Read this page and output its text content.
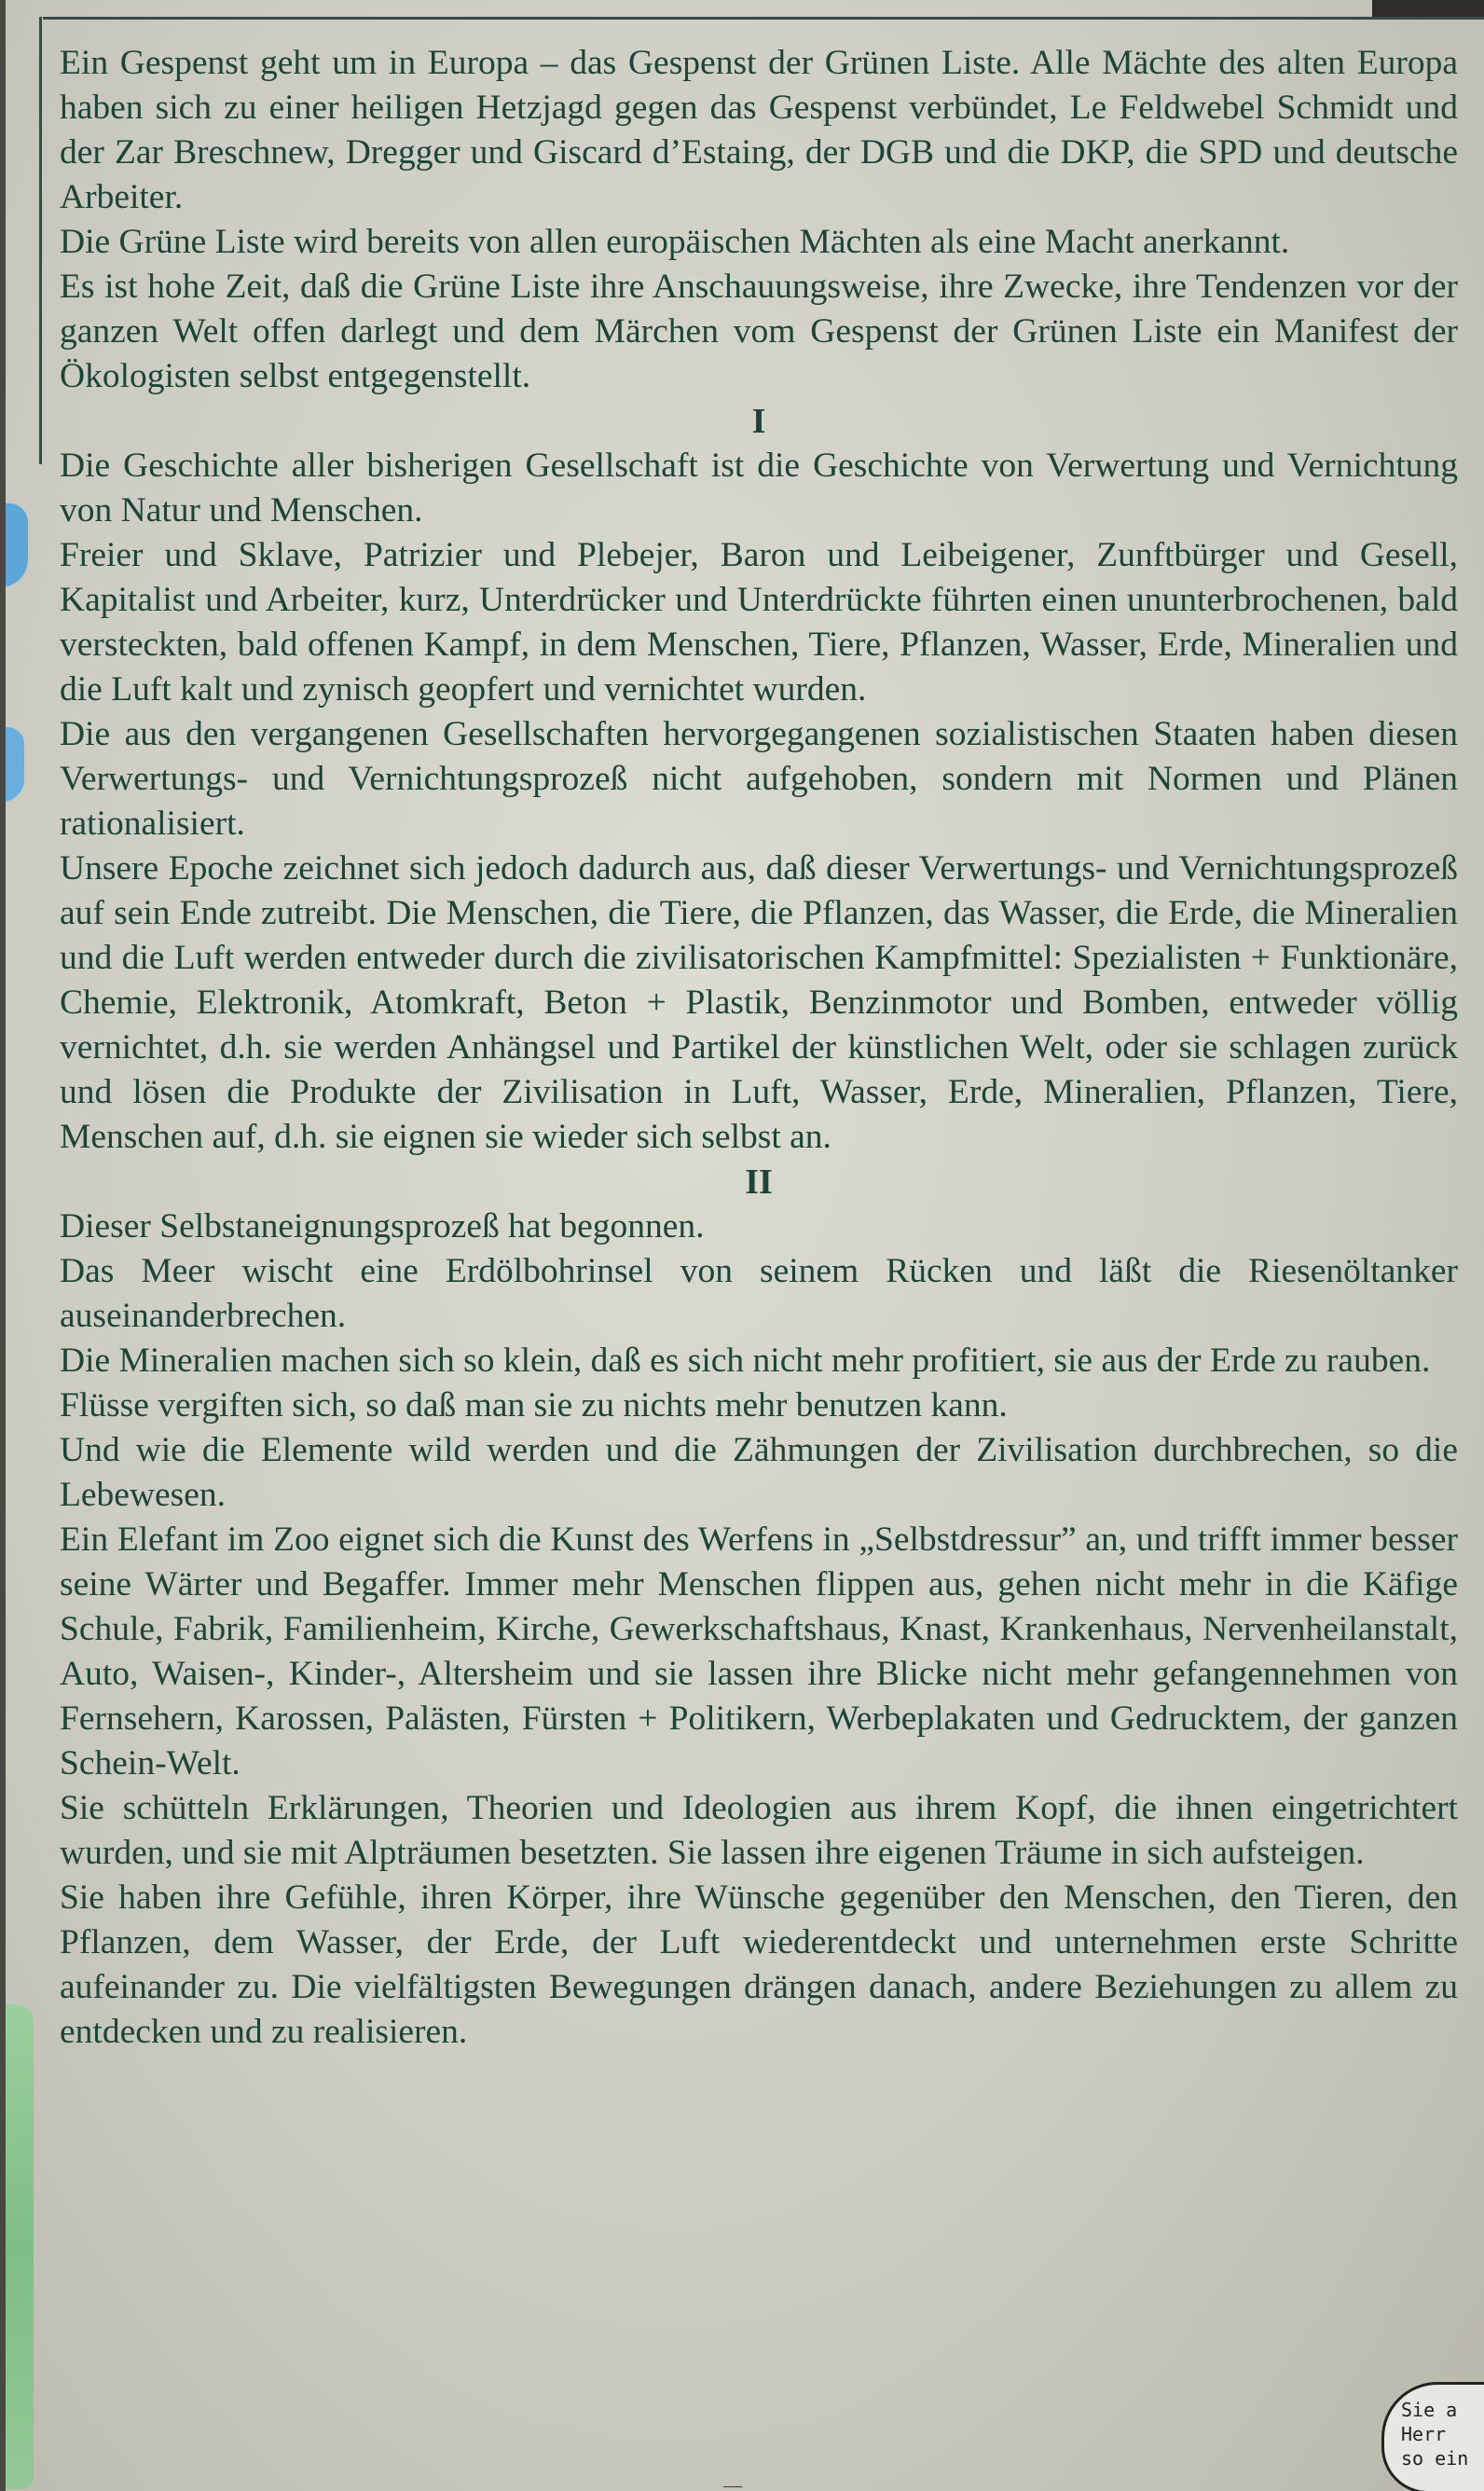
Ein Gespenst geht um in Europa – das Gespenst der Grünen Liste. Alle Mächte des alten Europa haben sich zu einer heiligen Hetzjagd gegen das Gespenst verbündet, Le Feldwebel Schmidt und der Zar Breschnew, Dregger und Giscard d’Estaing, der DGB und die DKP, die SPD und deutsche Arbeiter.

Die Grüne Liste wird bereits von allen europäischen Mächten als eine Macht anerkannt.

Es ist hohe Zeit, daß die Grüne Liste ihre Anschauungsweise, ihre Zwecke, ihre Tendenzen vor der ganzen Welt offen darlegt und dem Märchen vom Gespenst der Grünen Liste ein Manifest der Ökologisten selbst entgegenstellt.

I

Die Geschichte aller bisherigen Gesellschaft ist die Geschichte von Verwertung und Vernichtung von Natur und Menschen.

Freier und Sklave, Patrizier und Plebejer, Baron und Leibeigener, Zunftbürger und Gesell, Kapitalist und Arbeiter, kurz, Unterdrücker und Unterdrückte führten einen ununterbrochenen, bald versteckten, bald offenen Kampf, in dem Menschen, Tiere, Pflanzen, Wasser, Erde, Mineralien und die Luft kalt und zynisch geopfert und vernichtet wurden.

Die aus den vergangenen Gesellschaften hervorgegangenen sozialistischen Staaten haben diesen Verwertungs- und Vernichtungsprozeß nicht aufgehoben, sondern mit Normen und Plänen rationalisiert.

Unsere Epoche zeichnet sich jedoch dadurch aus, daß dieser Verwertungs- und Vernichtungsprozeß auf sein Ende zutreibt. Die Menschen, die Tiere, die Pflanzen, das Wasser, die Erde, die Mineralien und die Luft werden entweder durch die zivilisatorischen Kampfmittel: Spezialisten + Funktionäre, Chemie, Elektronik, Atomkraft, Beton + Plastik, Benzinmotor und Bomben, entweder völlig vernichtet, d.h. sie werden Anhängsel und Partikel der künstlichen Welt, oder sie schlagen zurück und lösen die Produkte der Zivilisation in Luft, Wasser, Erde, Mineralien, Pflanzen, Tiere, Menschen auf, d.h. sie eignen sie wieder sich selbst an.

II

Dieser Selbstaneignungsprozeß hat begonnen.

Das Meer wischt eine Erdölbohrinsel von seinem Rücken und läßt die Riesenöltanker auseinanderbrechen.

Die Mineralien machen sich so klein, daß es sich nicht mehr profitiert, sie aus der Erde zu rauben.

Flüsse vergiften sich, so daß man sie zu nichts mehr benutzen kann.

Und wie die Elemente wild werden und die Zähmungen der Zivilisation durchbrechen, so die Lebewesen.

Ein Elefant im Zoo eignet sich die Kunst des Werfens in „Selbstdressur” an, und trifft immer besser seine Wärter und Begaffer. Immer mehr Menschen flippen aus, gehen nicht mehr in die Käfige Schule, Fabrik, Familienheim, Kirche, Gewerkschaftshaus, Knast, Krankenhaus, Nervenheilanstalt, Auto, Waisen-, Kinder-, Altersheim und sie lassen ihre Blicke nicht mehr gefangennehmen von Fernsehern, Karossen, Palästen, Fürsten + Politikern, Werbeplakaten und Gedrucktem, der ganzen Schein-Welt.

Sie schütteln Erklärungen, Theorien und Ideologien aus ihrem Kopf, die ihnen eingetrichtert wurden, und sie mit Alpträumen besetzten. Sie lassen ihre eigenen Träume in sich aufsteigen.

Sie haben ihre Gefühle, ihren Körper, ihre Wünsche gegenüber den Menschen, den Tieren, den Pflanzen, dem Wasser, der Erde, der Luft wiederentdeckt und unternehmen erste Schritte aufeinander zu. Die vielfältigsten Bewegungen drängen danach, andere Beziehungen zu allem zu entdecken und zu realisieren.

Sie a
Herr
so ein
—
